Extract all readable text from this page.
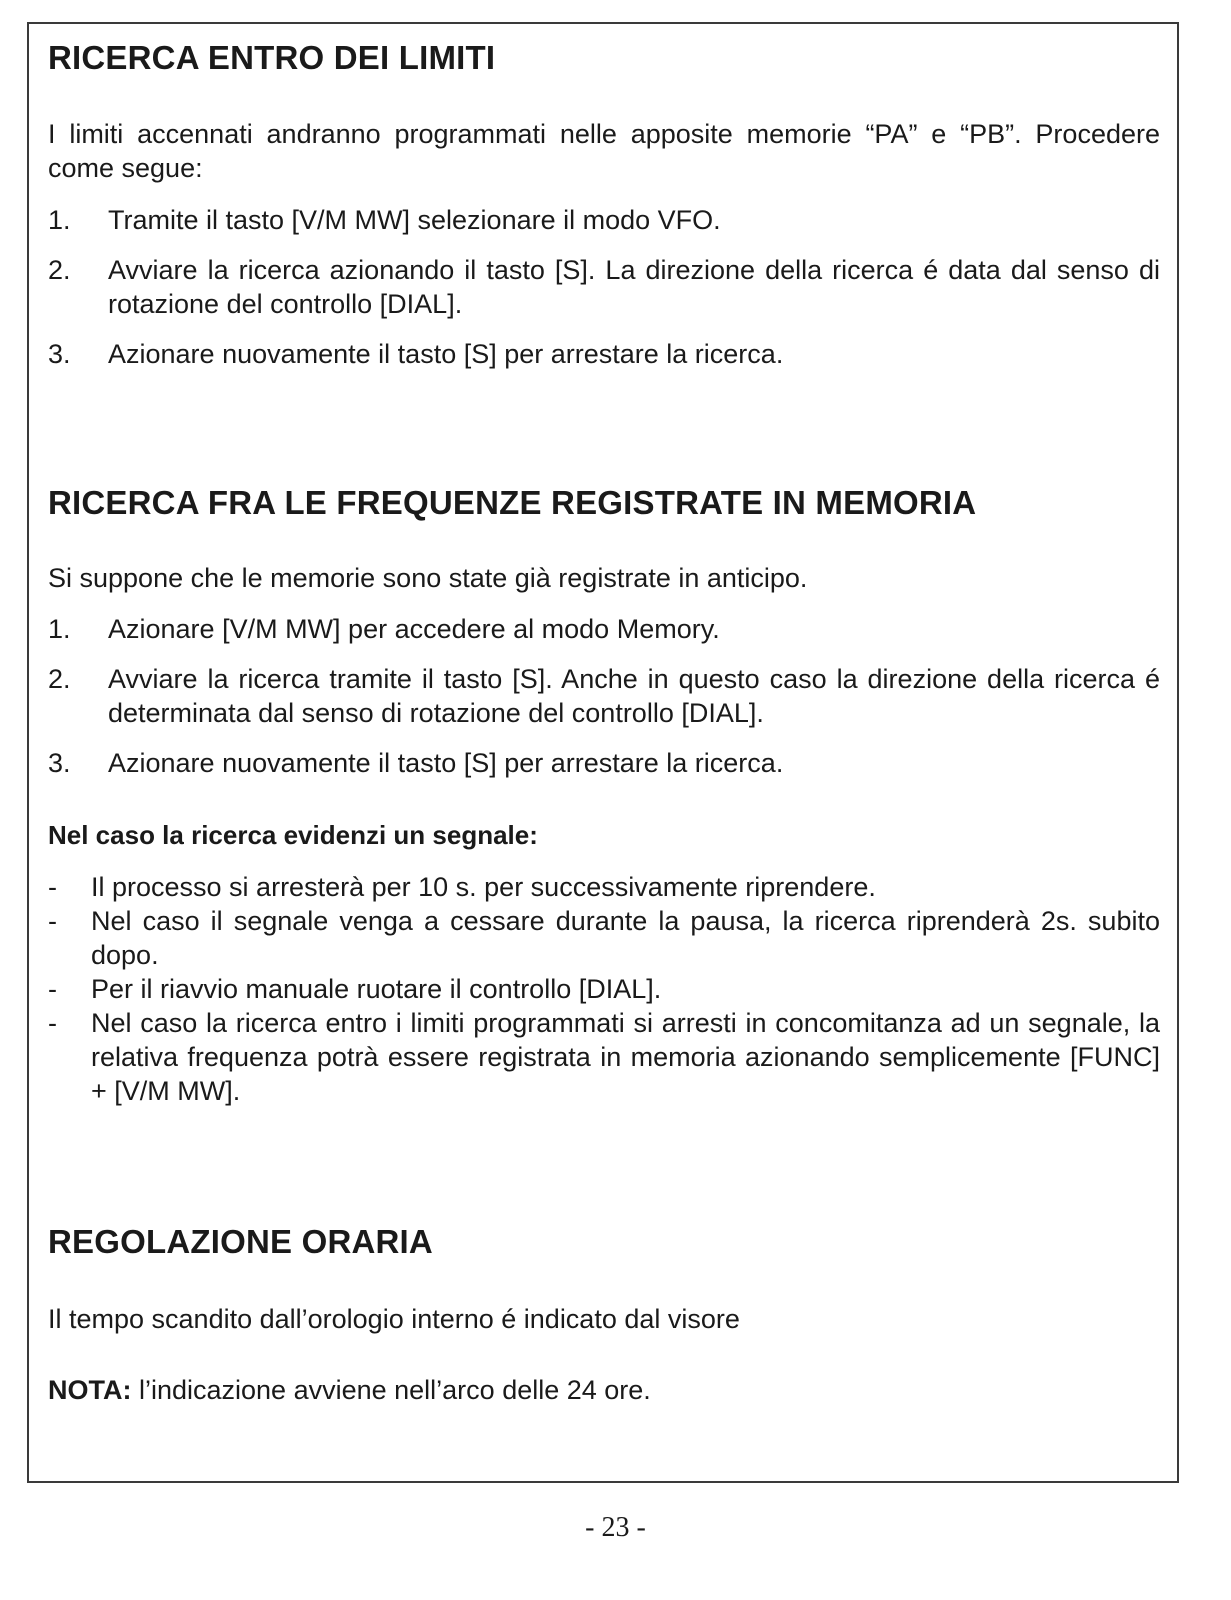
RICERCA ENTRO DEI LIMITI

I limiti accennati andranno programmati nelle apposite memorie “PA” e “PB”. Procedere come segue:

1. Tramite il tasto [V/M MW] selezionare il modo VFO.
2. Avviare la ricerca azionando il tasto [S]. La direzione della ricerca é data dal senso di rotazione del controllo [DIAL].
3. Azionare nuovamente il tasto [S] per arrestare la ricerca.
RICERCA FRA LE FREQUENZE REGISTRATE IN MEMORIA

Si suppone che le memorie sono state già registrate in anticipo.

1. Azionare [V/M MW] per accedere al modo Memory.
2. Avviare la ricerca tramite il tasto [S]. Anche in questo caso la direzione della ricerca é determinata dal senso di rotazione del controllo [DIAL].
3. Azionare nuovamente il tasto [S] per arrestare la ricerca.

Nel caso la ricerca evidenzi un segnale:

- Il processo si arresterà per 10 s. per successivamente riprendere.
- Nel caso il segnale venga a cessare durante la pausa, la ricerca riprenderà 2s. subito dopo.
- Per il riavvio manuale ruotare il controllo [DIAL].
- Nel caso la ricerca entro i limiti programmati si arresti in concomitanza ad un segnale, la relativa frequenza potrà essere registrata in memoria azionando semplicemente [FUNC] + [V/M MW].
REGOLAZIONE ORARIA

Il tempo scandito dall’orologio interno é indicato dal visore

NOTA: l’indicazione avviene nell’arco delle 24 ore.

- 23 -
